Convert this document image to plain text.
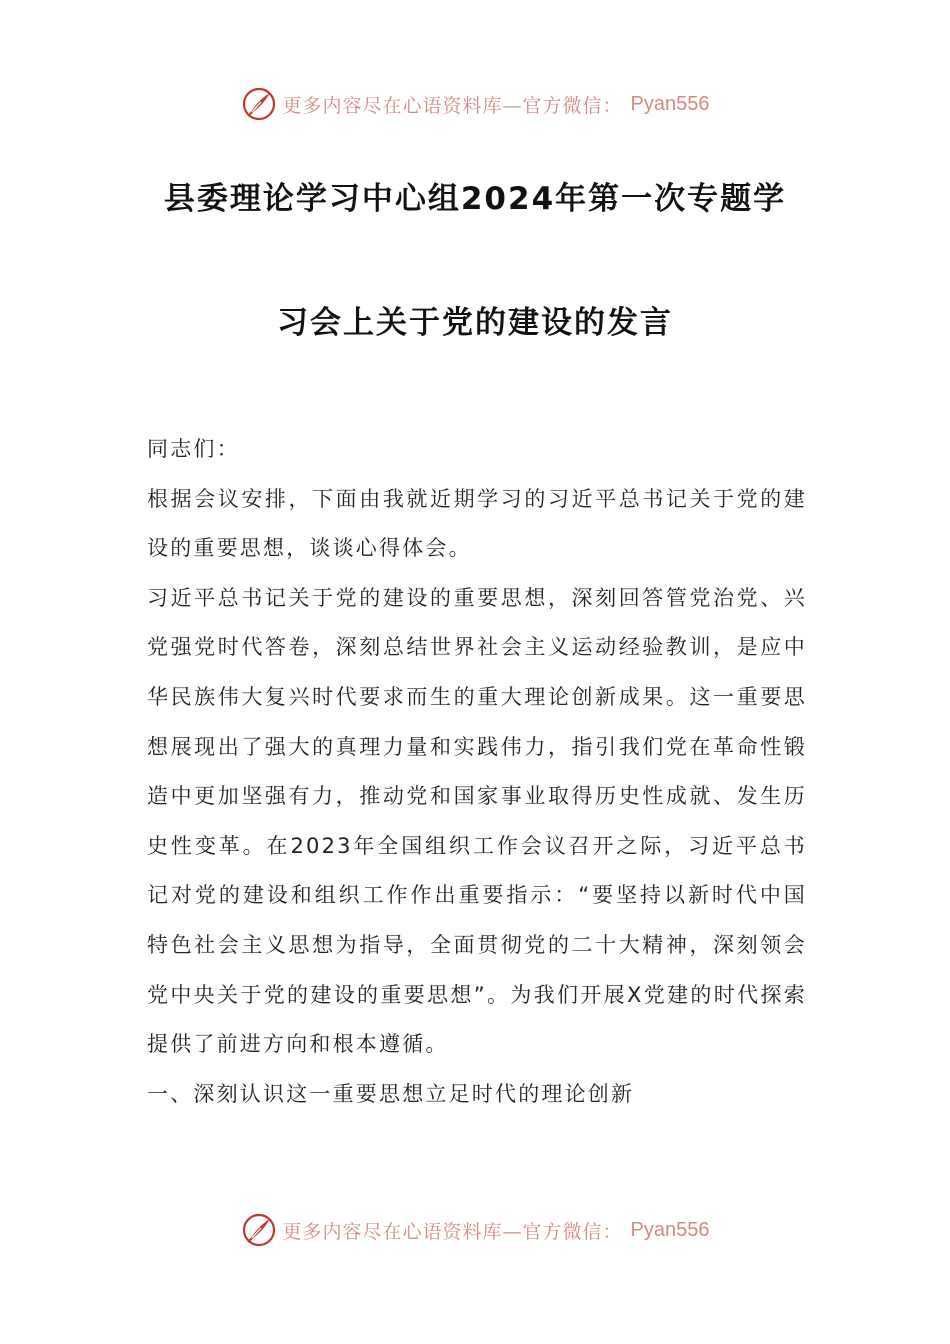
更多内容尽在心语资料库—官方微信： Pyan556
县委理论学习中心组2024年第一次专题学
习会上关于党的建设的发言

同志们：

根据会议安排，下面由我就近期学习的习近平总书记关于党的建设的重要思想，谈谈心得体会。

习近平总书记关于党的建设的重要思想，深刻回答管党治党、兴党强党时代答卷，深刻总结世界社会主义运动经验教训，是应中华民族伟大复兴时代要求而生的重大理论创新成果。这一重要思想展现出了强大的真理力量和实践伟力，指引我们党在革命性锻造中更加坚强有力，推动党和国家事业取得历史性成就、发生历史性变革。在2023年全国组织工作会议召开之际，习近平总书记对党的建设和组织工作作出重要指示：“要坚持以新时代中国特色社会主义思想为指导，全面贯彻党的二十大精神，深刻领会党中央关于党的建设的重要思想”。为我们开展X党建的时代探索提供了前进方向和根本遵循。

一、深刻认识这一重要思想立足时代的理论创新

更多内容尽在心语资料库—官方微信： Pyan556
